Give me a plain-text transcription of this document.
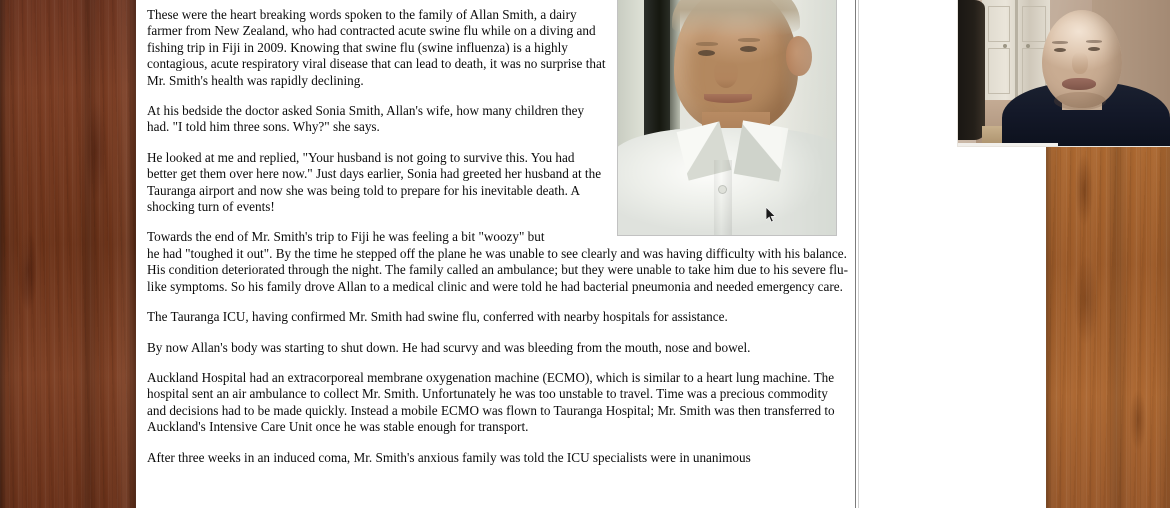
These were the heart breaking words spoken to the family of Allan Smith, a dairy farmer from New Zealand, who had contracted acute swine flu while on a diving and fishing trip in Fiji in 2009. Knowing that swine flu (swine influenza) is a highly contagious, acute respiratory viral disease that can lead to death, it was no surprise that Mr. Smith's health was rapidly declining.

At his bedside the doctor asked Sonia Smith, Allan's wife, how many children they had. "I told him three sons. Why?" she says.

He looked at me and replied, "Your husband is not going to survive this. You had better get them over here now." Just days earlier, Sonia had greeted her husband at the Tauranga airport and now she was being told to prepare for his inevitable death. A shocking turn of events!

Towards the end of Mr. Smith's trip to Fiji he was feeling a bit "woozy" but
he had "toughed it out". By the time he stepped off the plane he was unable to see clearly and was having difficulty with his balance. His condition deteriorated through the night. The family called an ambulance; but they were unable to take him due to his severe flu-like symptoms. So his family drove Allan to a medical clinic and were told he had bacterial pneumonia and needed emergency care.

The Tauranga ICU, having confirmed Mr. Smith had swine flu, conferred with nearby hospitals for assistance.

By now Allan's body was starting to shut down. He had scurvy and was bleeding from the mouth, nose and bowel.

Auckland Hospital had an extracorporeal membrane oxygenation machine (ECMO), which is similar to a heart lung machine. The hospital sent an air ambulance to collect Mr. Smith. Unfortunately he was too unstable to travel. Time was a precious commodity and decisions had to be made quickly. Instead a mobile ECMO was flown to Tauranga Hospital; Mr. Smith was then transferred to Auckland's Intensive Care Unit once he was stable enough for transport.

After three weeks in an induced coma, Mr. Smith's anxious family was told the ICU specialists were in unanimous
